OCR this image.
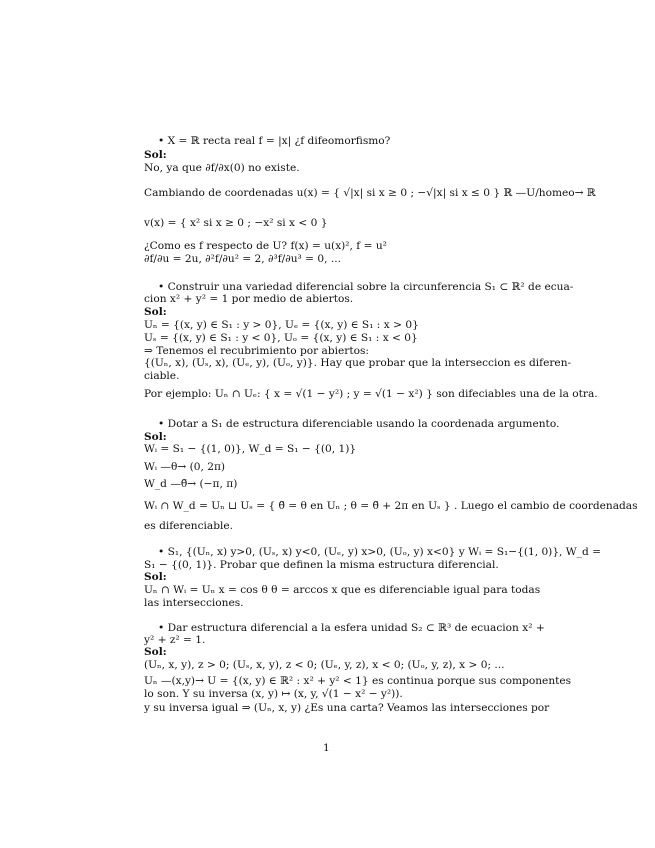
• X = ℝ recta real f = |x| ¿f difeomorfismo?
Sol:
No, ya que ∂f/∂x(0) no existe.
Cambiando de coordenadas u(x) = { √|x| si x ≥ 0 ; −√|x| si x ≤ 0 } ℝ —U/homeo→ ℝ
v(x) = { x² si x ≥ 0 ; −x² si x < 0 }
¿Como es f respecto de U? f(x) = u(x)², f = u²
∂f/∂u = 2u, ∂²f/∂u² = 2, ∂³f/∂u³ = 0, ...
• Construir una variedad diferencial sobre la circunferencia S₁ ⊂ ℝ² de ecua-
cion x² + y² = 1 por medio de abiertos.
Sol:
Uₙ = {(x, y) ∈ S₁ : y > 0}, Uₑ = {(x, y) ∈ S₁ : x > 0}
Uₛ = {(x, y) ∈ S₁ : y < 0}, Uₒ = {(x, y) ∈ S₁ : x < 0}
⇒ Tenemos el recubrimiento por abiertos:
{(Uₙ, x), (Uₛ, x), (Uₑ, y), (Uₒ, y)}. Hay que probar que la interseccion es diferen-
ciable.
Por ejemplo: Uₙ ∩ Uₑ: { x = √(1 − y²) ; y = √(1 − x²) } son difeciables una de la otra.
• Dotar a S₁ de estructura diferenciable usando la coordenada argumento.
Sol:
Wᵢ = S₁ − {(1, 0)}, W_d = S₁ − {(0, 1)}
Wᵢ —θ→ (0, 2π)
W_d —θ̃→ (−π, π)
Wᵢ ∩ W_d = Uₙ ⊔ Uₛ = { θ̃ = θ en Uₙ ; θ = θ̃ + 2π en Uₛ } . Luego el cambio de coordenadas
es diferenciable.
• S₁, {(Uₙ, x) y>0, (Uₛ, x) y<0, (Uₑ, y) x>0, (Uₒ, y) x<0} y Wᵢ = S₁−{(1, 0)}, W_d =
S₁ − {(0, 1)}. Probar que definen la misma estructura diferencial.
Sol:
Uₙ ∩ Wᵢ = Uₙ x = cos θ θ = arccos x que es diferenciable igual para todas
las intersecciones.
• Dar estructura diferencial a la esfera unidad S₂ ⊂ ℝ³ de ecuacion x² +
y² + z² = 1.
Sol:
(Uₙ, x, y), z > 0; (Uₛ, x, y), z < 0; (Uₑ, y, z), x < 0; (Uₒ, y, z), x > 0; ...
Uₙ —(x,y)→ U = {(x, y) ∈ ℝ² : x² + y² < 1} es continua porque sus componentes
lo son. Y su inversa (x, y) ↦ (x, y, √(1 − x² − y²)).
y su inversa igual ⇒ (Uₙ, x, y) ¿Es una carta? Veamos las intersecciones por
1
